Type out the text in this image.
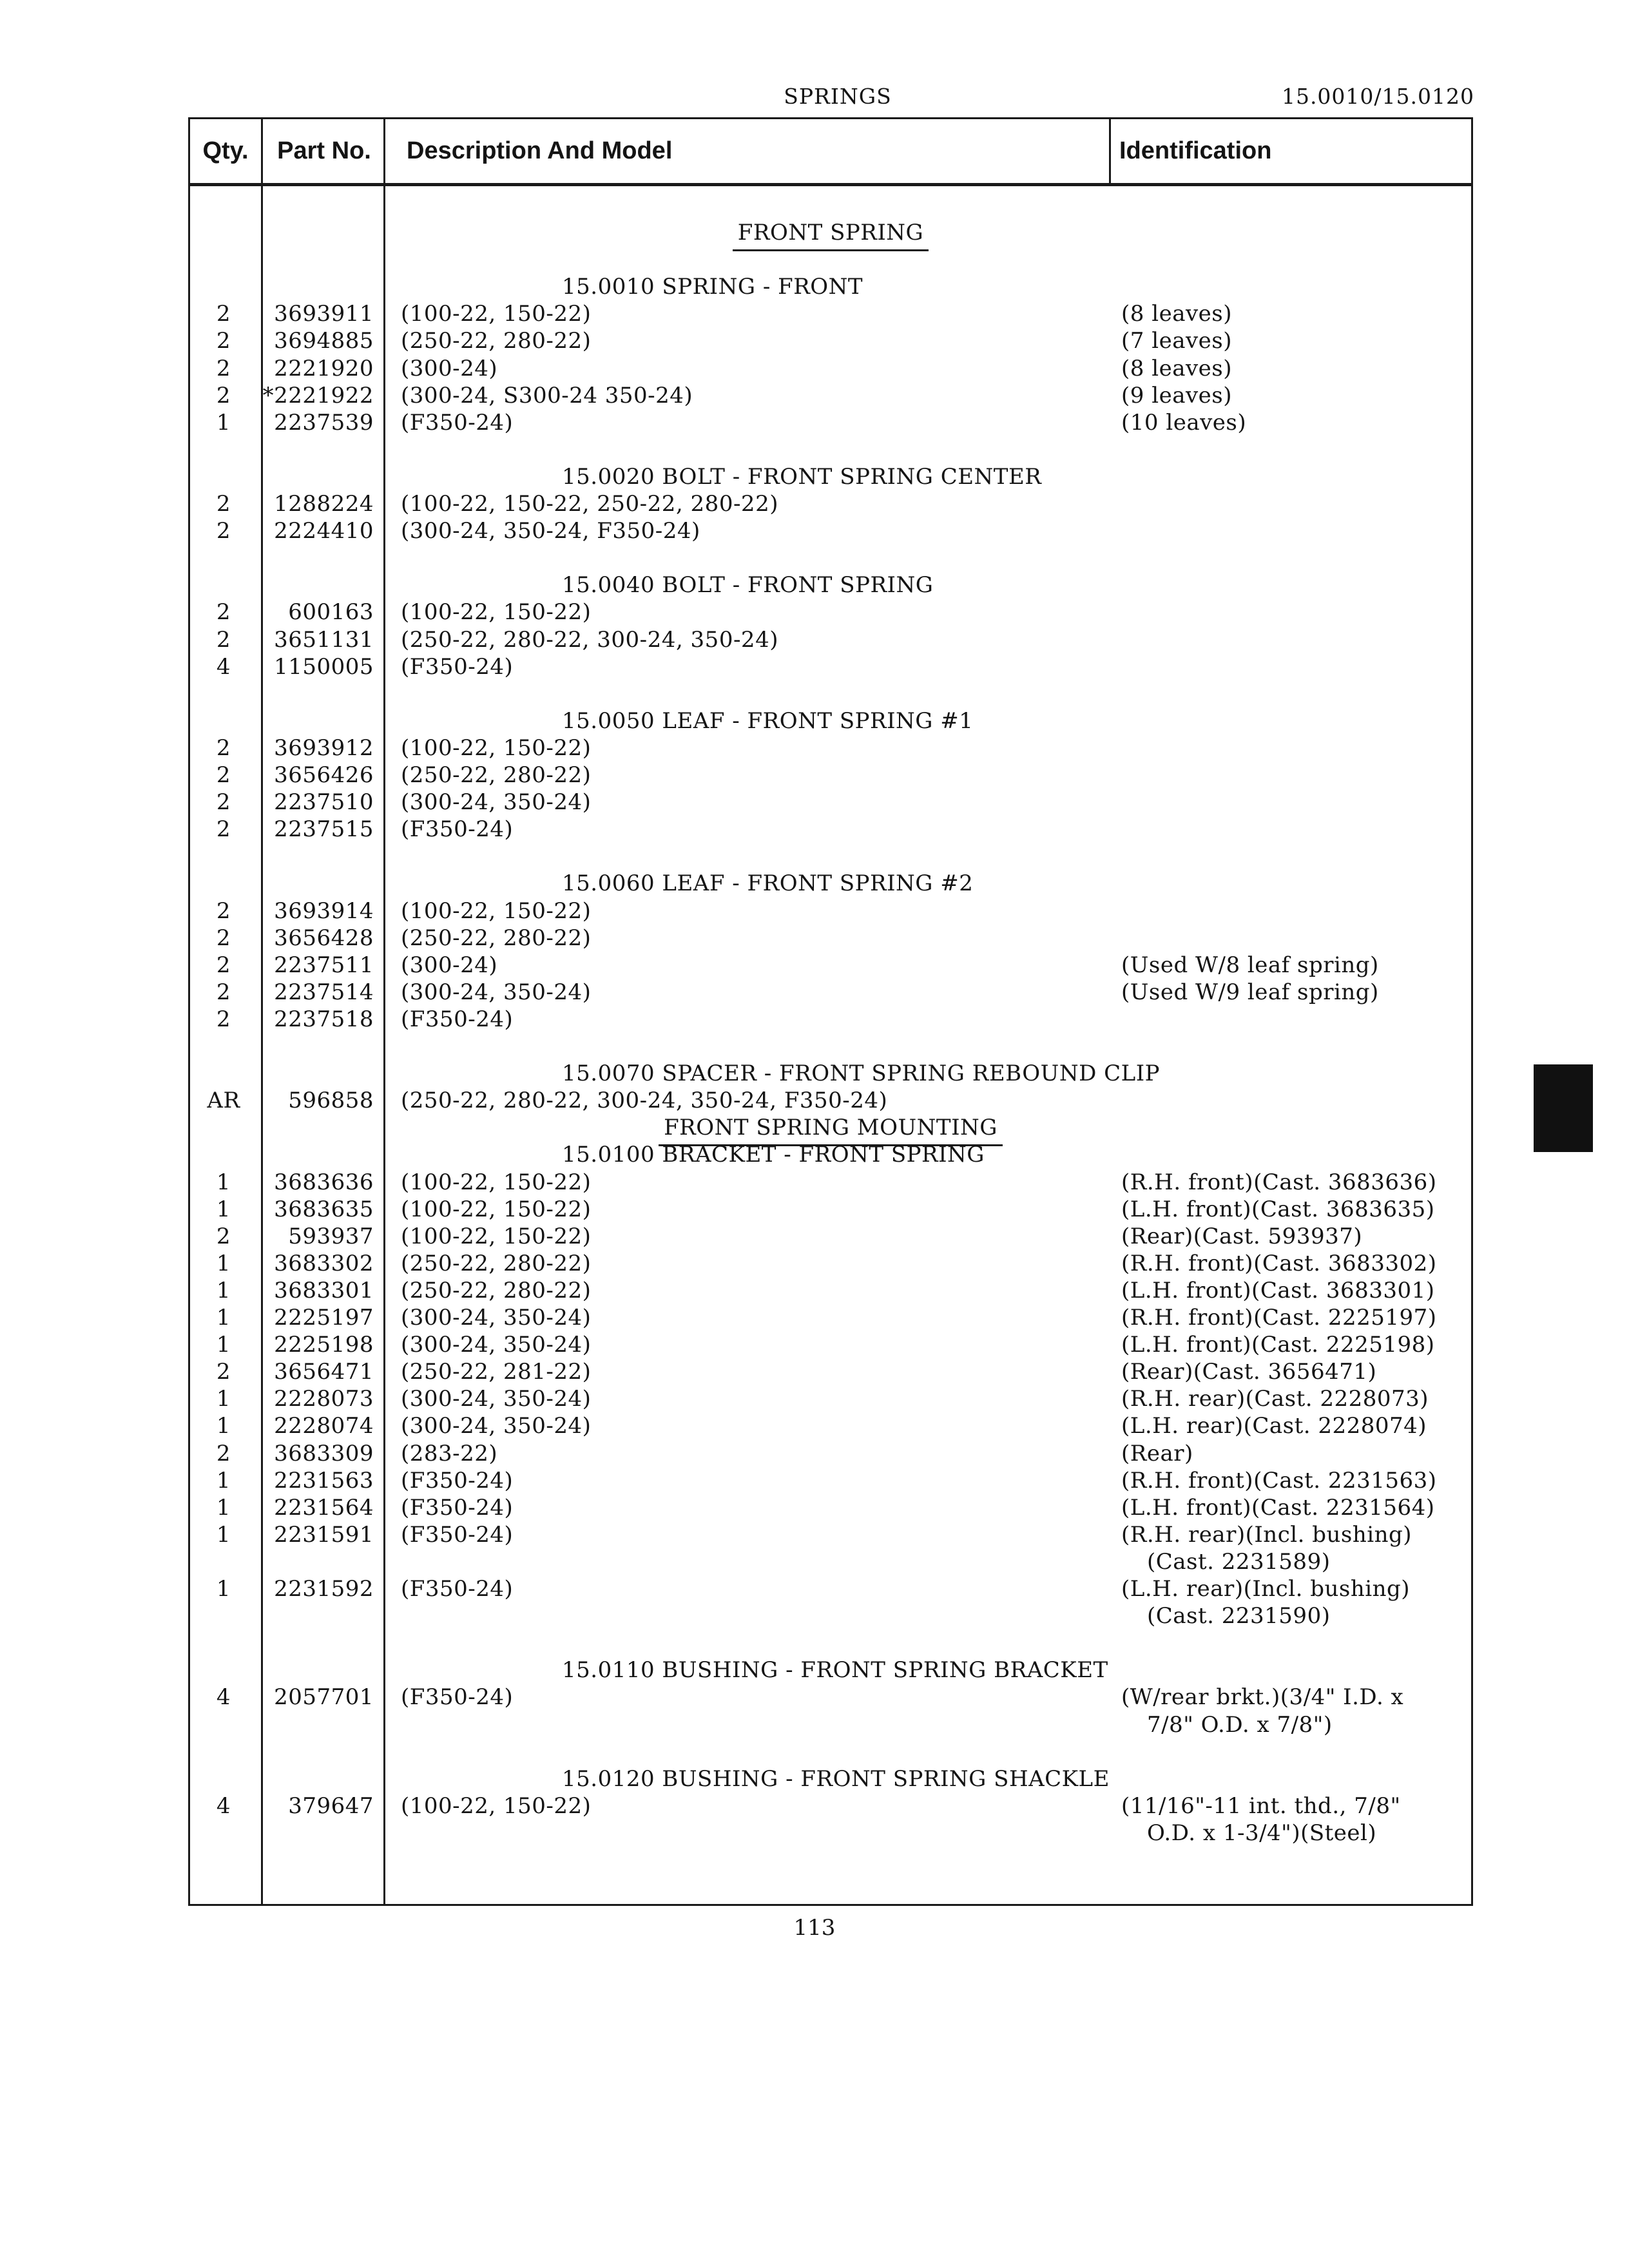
SPRINGS	15.0010/15.0120
Qty.	Part No.	Description And Model	Identification
FRONT SPRING
15.0010 SPRING - FRONT
2	3693911 (100-22, 150-22)	(8 leaves)
2	3694885 (250-22, 280-22)	(7 leaves)
2	2221920 (300-24)	(8 leaves)
2	*2221922 (300-24, S300-24 350-24)	(9 leaves)
1	2237539 (F350-24)	(10 leaves)
15.0020 BOLT - FRONT SPRING CENTER
2	1288224 (100-22, 150-22, 250-22, 280-22)
2	2224410 (300-24, 350-24, F350-24)
15.0040 BOLT - FRONT SPRING
2	600163 (100-22, 150-22)
2	3651131 (250-22, 280-22, 300-24, 350-24)
4	1150005 (F350-24)
15.0050 LEAF - FRONT SPRING #1
2	3693912 (100-22, 150-22)
2	3656426 (250-22, 280-22)
2	2237510 (300-24, 350-24)
2	2237515 (F350-24)
15.0060 LEAF - FRONT SPRING #2
2	3693914 (100-22, 150-22)
2	3656428 (250-22, 280-22)
2	2237511 (300-24)	(Used W/8 leaf spring)
2	2237514 (300-24, 350-24)	(Used W/9 leaf spring)
2	2237518 (F350-24)
15.0070 SPACER - FRONT SPRING REBOUND CLIP
AR	596858 (250-22, 280-22, 300-24, 350-24, F350-24)
FRONT SPRING MOUNTING
15.0100 BRACKET - FRONT SPRING
1	3683636 (100-22, 150-22)	(R.H. front)(Cast. 3683636)
1	3683635 (100-22, 150-22)	(L.H. front)(Cast. 3683635)
2	593937 (100-22, 150-22)	(Rear)(Cast. 593937)
1	3683302 (250-22, 280-22)	(R.H. front)(Cast. 3683302)
1	3683301 (250-22, 280-22)	(L.H. front)(Cast. 3683301)
1	2225197 (300-24, 350-24)	(R.H. front)(Cast. 2225197)
1	2225198 (300-24, 350-24)	(L.H. front)(Cast. 2225198)
2	3656471 (250-22, 281-22)	(Rear)(Cast. 3656471)
1	2228073 (300-24, 350-24)	(R.H. rear)(Cast. 2228073)
1	2228074 (300-24, 350-24)	(L.H. rear)(Cast. 2228074)
2	3683309 (283-22)	(Rear)
1	2231563 (F350-24)	(R.H. front)(Cast. 2231563)
1	2231564 (F350-24)	(L.H. front)(Cast. 2231564)
1	2231591 (F350-24)	(R.H. rear)(Incl. bushing)
(Cast. 2231589)
1	2231592 (F350-24)	(L.H. rear)(Incl. bushing)
(Cast. 2231590)
15.0110 BUSHING - FRONT SPRING BRACKET
4	2057701 (F350-24)	(W/rear brkt.)(3/4" I.D. x
7/8" O.D. x 7/8")
15.0120 BUSHING - FRONT SPRING SHACKLE
4	379647 (100-22, 150-22)	(11/16"-11 int. thd., 7/8"
O.D. x 1-3/4")(Steel)
113
